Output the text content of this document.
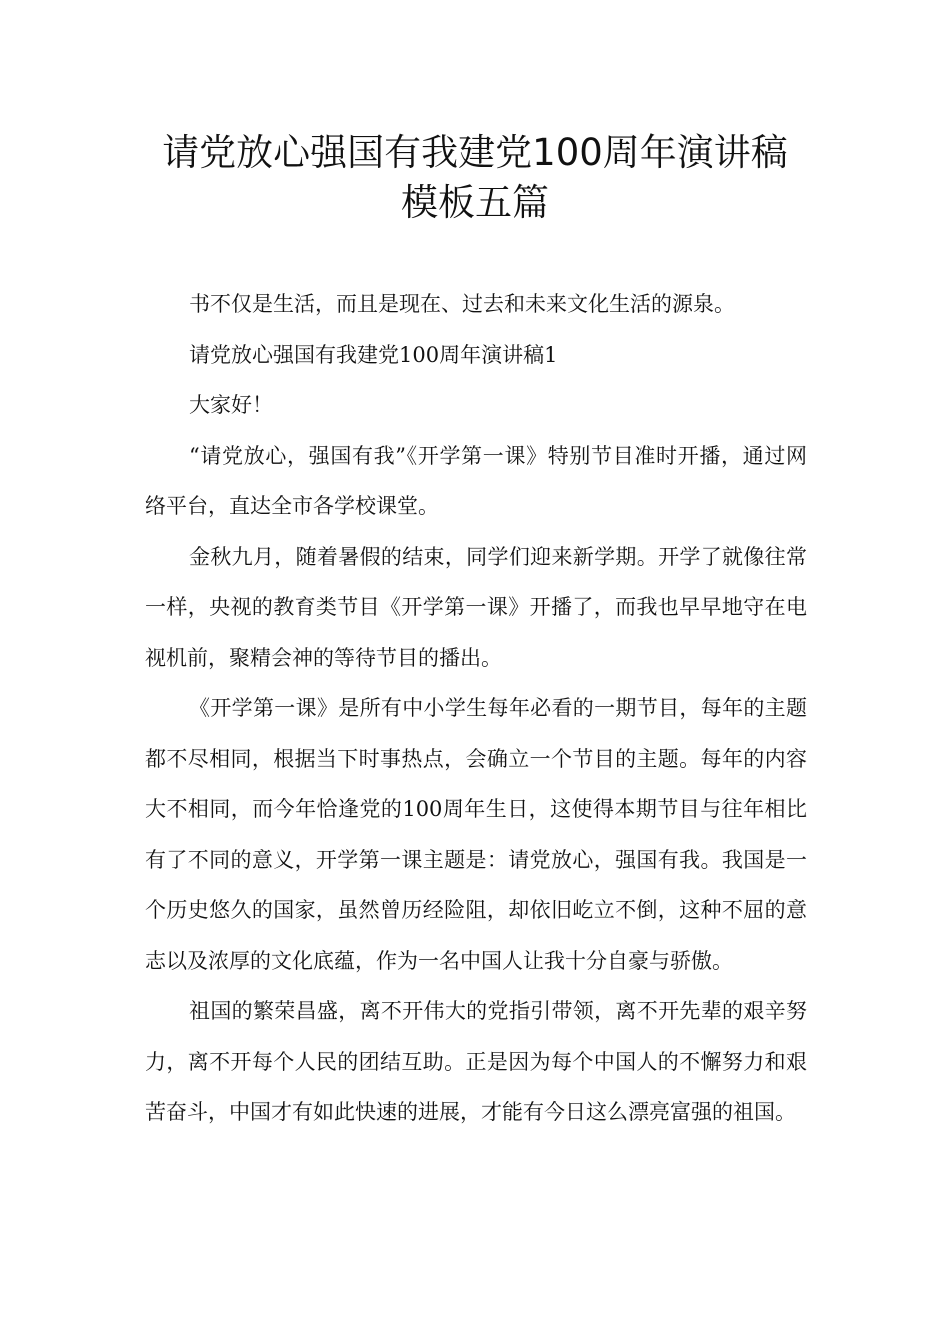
请党放心强国有我建党100周年演讲稿
模板五篇

书不仅是生活，而且是现在、过去和未来文化生活的源泉。

请党放心强国有我建党100周年演讲稿1

大家好！

“请党放心，强国有我”《开学第一课》特别节目准时开播，通过网络平台，直达全市各学校课堂。

金秋九月，随着暑假的结束，同学们迎来新学期。开学了就像往常一样，央视的教育类节目《开学第一课》开播了，而我也早早地守在电视机前，聚精会神的等待节目的播出。

《开学第一课》是所有中小学生每年必看的一期节目，每年的主题都不尽相同，根据当下时事热点，会确立一个节目的主题。每年的内容大不相同，而今年恰逢党的100周年生日，这使得本期节目与往年相比有了不同的意义，开学第一课主题是：请党放心，强国有我。我国是一个历史悠久的国家，虽然曾历经险阻，却依旧屹立不倒，这种不屈的意志以及浓厚的文化底蕴，作为一名中国人让我十分自豪与骄傲。

祖国的繁荣昌盛，离不开伟大的党指引带领，离不开先辈的艰辛努力，离不开每个人民的团结互助。正是因为每个中国人的不懈努力和艰苦奋斗，中国才有如此快速的进展，才能有今日这么漂亮富强的祖国。
